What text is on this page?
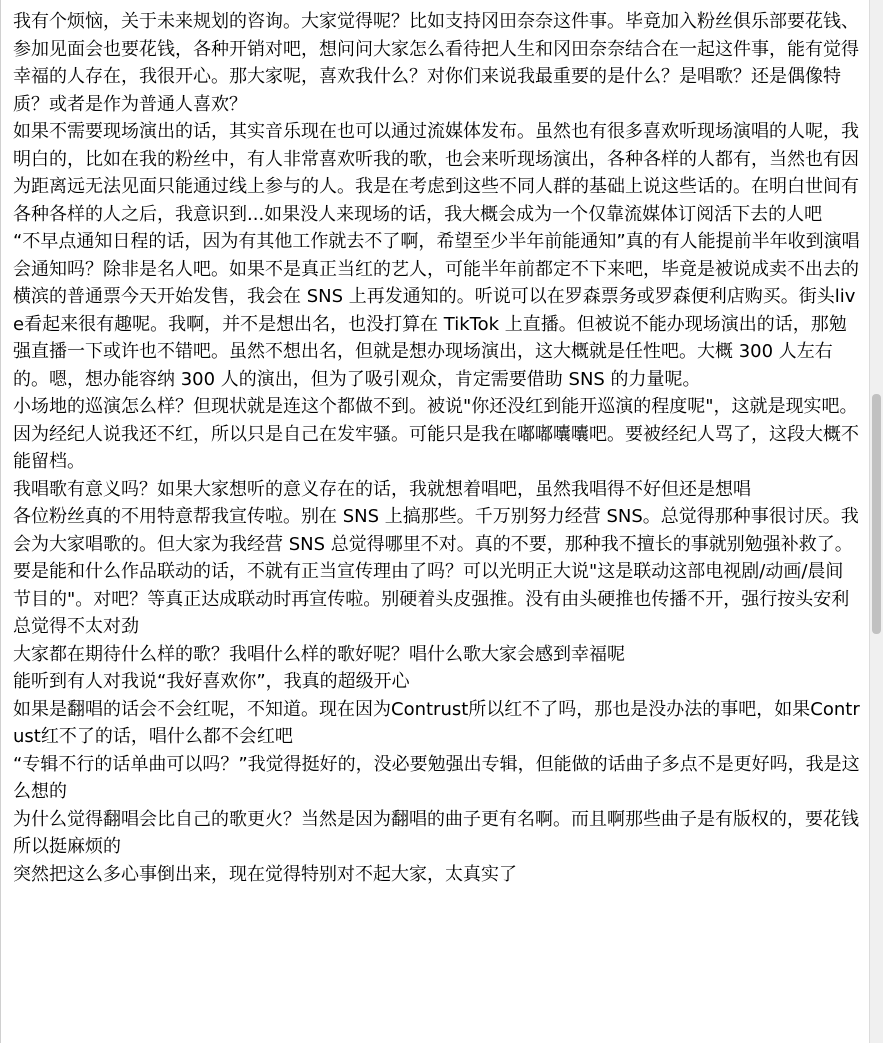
我有个烦恼，关于未来规划的咨询。大家觉得呢？比如支持冈田奈奈这件事。毕竟加入粉丝俱乐部要花钱、参加见面会也要花钱，各种开销对吧，想问问大家怎么看待把人生和冈田奈奈结合在一起这件事，能有觉得幸福的人存在，我很开心。那大家呢，喜欢我什么？对你们来说我最重要的是什么？是唱歌？还是偶像特质？或者是作为普通人喜欢？

如果不需要现场演出的话，其实音乐现在也可以通过流媒体发布。虽然也有很多喜欢听现场演唱的人呢，我明白的，比如在我的粉丝中，有人非常喜欢听我的歌，也会来听现场演出，各种各样的人都有，当然也有因为距离远无法见面只能通过线上参与的人。我是在考虑到这些不同人群的基础上说这些话的。在明白世间有各种各样的人之后，我意识到...如果没人来现场的话，我大概会成为一个仅靠流媒体订阅活下去的人吧

“不早点通知日程的话，因为有其他工作就去不了啊，希望至少半年前能通知”真的有人能提前半年收到演唱会通知吗？除非是名人吧。如果不是真正当红的艺人，可能半年前都定不下来吧，毕竟是被说成卖不出去的

横滨的普通票今天开始发售，我会在 SNS 上再发通知的。听说可以在罗森票务或罗森便利店购买。街头live看起来很有趣呢。我啊，并不是想出名，也没打算在 TikTok 上直播。但被说不能办现场演出的话，那勉强直播一下或许也不错吧。虽然不想出名，但就是想办现场演出，这大概就是任性吧。大概 300 人左右的。嗯，想办能容纳 300 人的演出，但为了吸引观众，肯定需要借助 SNS 的力量呢。

小场地的巡演怎么样？但现状就是连这个都做不到。被说"你还没红到能开巡演的程度呢"，这就是现实吧。因为经纪人说我还不红，所以只是自己在发牢骚。可能只是我在嘟嘟囔囔吧。要被经纪人骂了，这段大概不能留档。

我唱歌有意义吗？如果大家想听的意义存在的话，我就想着唱吧，虽然我唱得不好但还是想唱

各位粉丝真的不用特意帮我宣传啦。别在 SNS 上搞那些。千万别努力经营 SNS。总觉得那种事很讨厌。我会为大家唱歌的。但大家为我经营 SNS 总觉得哪里不对。真的不要，那种我不擅长的事就别勉强补救了。要是能和什么作品联动的话，不就有正当宣传理由了吗？可以光明正大说"这是联动这部电视剧/动画/晨间节目的"。对吧？等真正达成联动时再宣传啦。别硬着头皮强推。没有由头硬推也传播不开，强行按头安利总觉得不太对劲

大家都在期待什么样的歌？我唱什么样的歌好呢？唱什么歌大家会感到幸福呢

能听到有人对我说“我好喜欢你”，我真的超级开心

如果是翻唱的话会不会红呢，不知道。现在因为Contrust所以红不了吗，那也是没办法的事吧，如果Contrust红不了的话，唱什么都不会红吧

“专辑不行的话单曲可以吗？”我觉得挺好的，没必要勉强出专辑，但能做的话曲子多点不是更好吗，我是这么想的

为什么觉得翻唱会比自己的歌更火？当然是因为翻唱的曲子更有名啊。而且啊那些曲子是有版权的，要花钱所以挺麻烦的

突然把这么多心事倒出来，现在觉得特别对不起大家，太真实了
